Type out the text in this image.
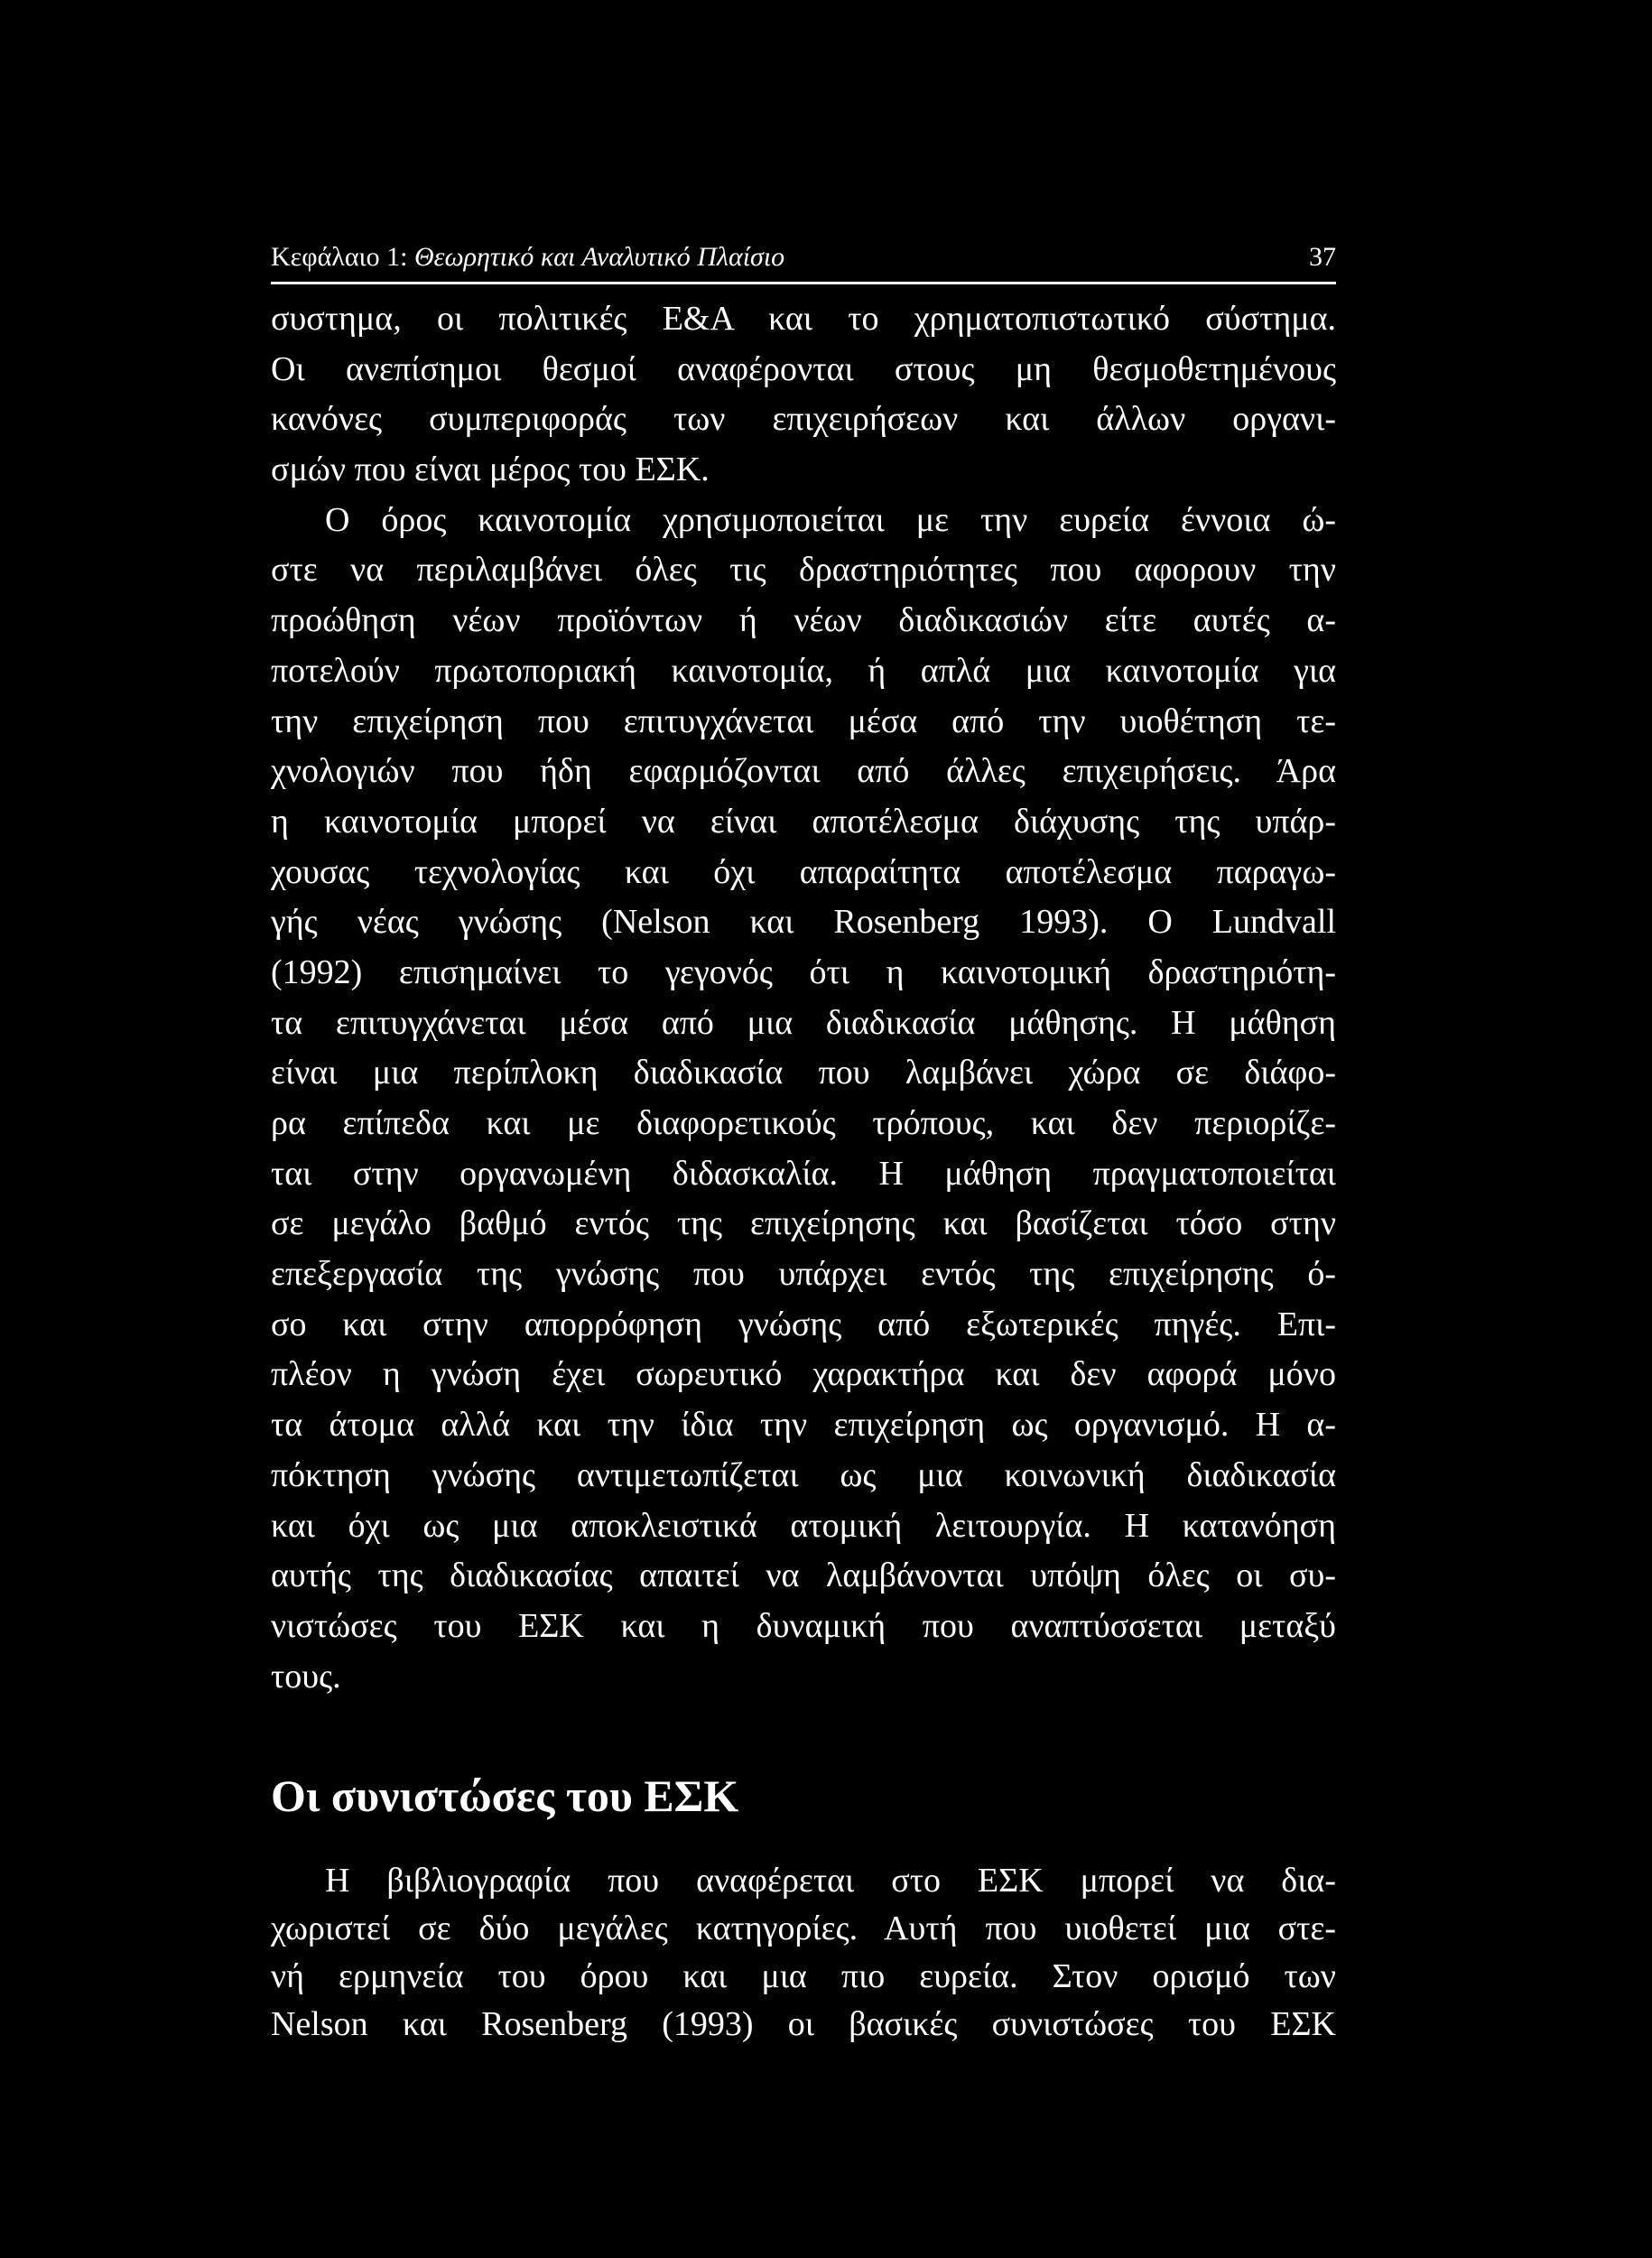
Κεφάλαιο 1: Θεωρητικό και Αναλυτικό Πλαίσιο	37
συστημα, οι πολιτικές Ε&Α και το χρηματοπιστωτικό σύστημα.
Οι ανεπίσημοι θεσμοί αναφέρονται στους μη θεσμοθετημένους
κανόνες συμπεριφοράς των επιχειρήσεων και άλλων οργανι-
σμών που είναι μέρος του ΕΣΚ.
Ο όρος καινοτομία χρησιμοποιείται με την ευρεία έννοια ώ-
στε να περιλαμβάνει όλες τις δραστηριότητες που αφορουν την
προώθηση νέων προϊόντων ή νέων διαδικασιών είτε αυτές α-
ποτελούν πρωτοποριακή καινοτομία, ή απλά μια καινοτομία για
την επιχείρηση που επιτυγχάνεται μέσα από την υιοθέτηση τε-
χνολογιών που ήδη εφαρμόζονται από άλλες επιχειρήσεις. Άρα
η καινοτομία μπορεί να είναι αποτέλεσμα διάχυσης της υπάρ-
χουσας τεχνολογίας και όχι απαραίτητα αποτέλεσμα παραγω-
γής νέας γνώσης (Nelson και Rosenberg 1993). Ο Lundvall
(1992) επισημαίνει το γεγονός ότι η καινοτομική δραστηριότη-
τα επιτυγχάνεται μέσα από μια διαδικασία μάθησης. Η μάθηση
είναι μια περίπλοκη διαδικασία που λαμβάνει χώρα σε διάφο-
ρα επίπεδα και με διαφορετικούς τρόπους, και δεν περιορίζε-
ται στην οργανωμένη διδασκαλία. Η μάθηση πραγματοποιείται
σε μεγάλο βαθμό εντός της επιχείρησης και βασίζεται τόσο στην
επεξεργασία της γνώσης που υπάρχει εντός της επιχείρησης ό-
σο και στην απορρόφηση γνώσης από εξωτερικές πηγές. Επι-
πλέον η γνώση έχει σωρευτικό χαρακτήρα και δεν αφορά μόνο
τα άτομα αλλά και την ίδια την επιχείρηση ως οργανισμό. Η α-
πόκτηση γνώσης αντιμετωπίζεται ως μια κοινωνική διαδικασία
και όχι ως μια αποκλειστικά ατομική λειτουργία. Η κατανόηση
αυτής της διαδικασίας απαιτεί να λαμβάνονται υπόψη όλες οι συ-
νιστώσες του ΕΣΚ και η δυναμική που αναπτύσσεται μεταξύ
τους.
Οι συνιστώσες του ΕΣΚ
Η βιβλιογραφία που αναφέρεται στο ΕΣΚ μπορεί να δια-
χωριστεί σε δύο μεγάλες κατηγορίες. Αυτή που υιοθετεί μια στε-
νή ερμηνεία του όρου και μια πιο ευρεία. Στον ορισμό των
Nelson και Rosenberg (1993) οι βασικές συνιστώσες του ΕΣΚ
